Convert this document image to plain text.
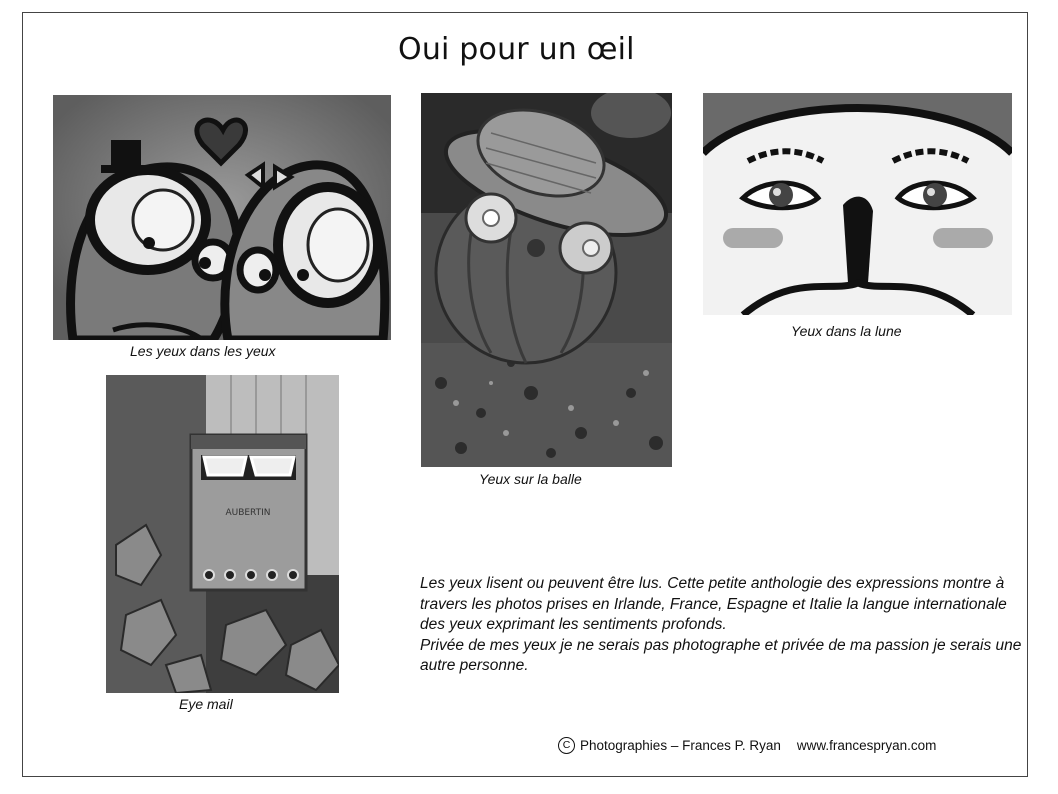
Oui pour un œil
Les yeux dans les yeux
Yeux sur la balle
Yeux dans la lune
AUBERTIN
Eye mail

Les yeux lisent ou peuvent être lus. Cette petite anthologie des expressions montre à travers les photos prises en Irlande, France, Espagne et Italie la langue internationale des yeux exprimant les sentiments profonds.

Privée de mes yeux je ne serais pas photographe et privée de ma passion je serais une autre personne.

C Photographies – Frances P. Ryan www.francespryan.com
